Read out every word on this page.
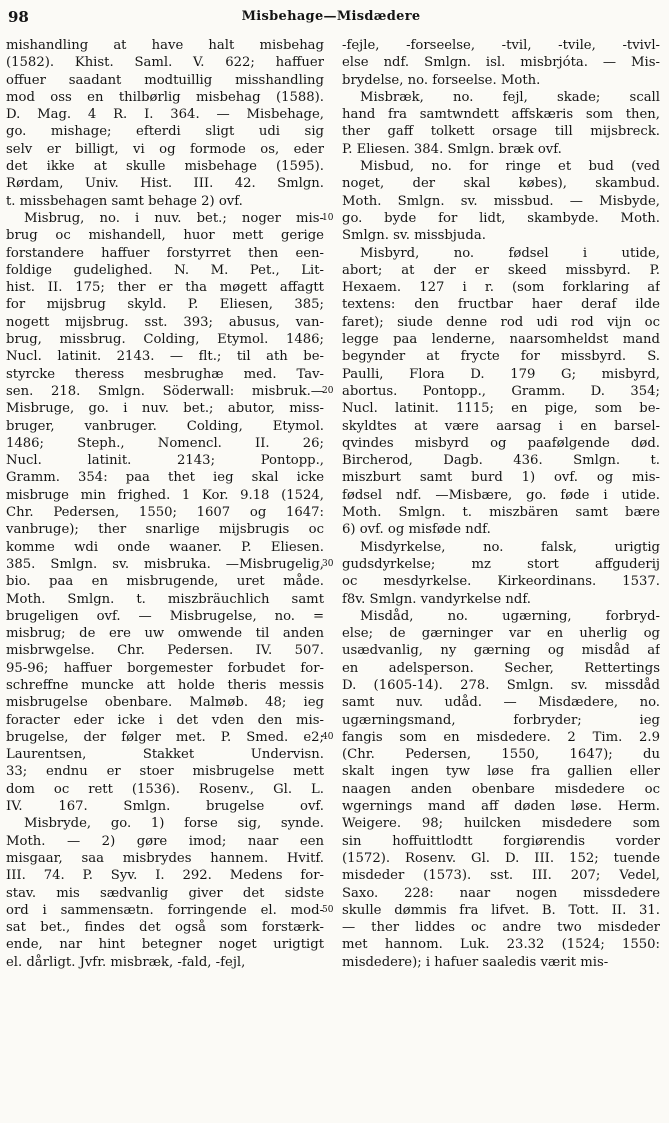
98	Misbehage—Misdædere
mishandling at have halt misbehag
(1582). Khist. Saml. V. 622; haffuer
offuer saadant modtuillig misshandling
mod oss en thilbørlig misbehag (1588).
D. Mag. 4 R. I. 364. — Misbehage,
go. mishage; efterdi sligt udi sig
selv er billigt, vi og formode os, eder
det ikke at skulle misbehage (1595).
Rørdam, Univ. Hist. III. 42. Smlgn.
t. missbehagen samt behage 2) ovf.
Misbrug, no. i nuv. bet.; noger mis-
brug oc mishandell, huor mett gerige
forstandere haffuer forstyrret then een-
foldige gudelighed. N. M. Pet., Lit-
hist. II. 175; ther er tha møgett affagtt
for mijsbrug skyld. P. Eliesen, 385;
nogett mijsbrug. sst. 393; abusus, van-
brug, missbrug. Colding, Etymol. 1486;
Nucl. latinit. 2143. — flt.; til ath be-
styrcke theress mesbrughæ med. Tav-
sen. 218. Smlgn. Söderwall: misbruk.—
Misbruge, go. i nuv. bet.; abutor, miss-
bruger, vanbruger. Colding, Etymol.
1486; Steph., Nomencl. II. 26;
Nucl. latinit. 2143; Pontopp.,
Gramm. 354: paa thet ieg skal icke
misbruge min frighed. 1 Kor. 9.18 (1524,
Chr. Pedersen, 1550; 1607 og 1647:
vanbruge); ther snarlige mijsbrugis oc
komme wdi onde waaner. P. Eliesen.
385. Smlgn. sv. misbruka. —Misbrugelig,
bio. paa en misbrugende, uret måde.
Moth. Smlgn. t. miszbräuchlich samt
brugeligen ovf. — Misbrugelse, no. =
misbrug; de ere uw omwende til anden
misbrwgelse. Chr. Pedersen. IV. 507.
95-96; haffuer borgemester forbudet for-
schreffne muncke att holde theris messis
misbrugelse obenbare. Malmøb. 48; ieg
foracter eder icke i det vden den mis-
brugelse, der følger met. P. Smed. e2;
Laurentsen, Stakket Undervisn.
33; endnu er stoer misbrugelse mett
dom oc rett (1536). Rosenv., Gl. L.
IV. 167. Smlgn. brugelse ovf.
Misbryde, go. 1) forse sig, synde.
Moth. — 2) gøre imod; naar een
misgaar, saa misbrydes hannem. Hvitf.
III. 74. P. Syv. I. 292. Medens for-
stav. mis sædvanlig giver det sidste
ord i sammensætn. forringende el. mod-
sat bet., findes det også som forstærk-
ende, nar hint betegner noget urigtigt
el. dårligt. Jvfr. misbræk, -fald, -fejl,
10
20
30
40
50
-fejle, -forseelse, -tvil, -tvile, -tvivl-
else ndf. Smlgn. isl. misbrjóta. — Mis-
brydelse, no. forseelse. Moth.
Misbræk, no. fejl, skade; scall
hand fra samtwndett affskæris som then,
ther gaff tolkett orsage till mijsbreck.
P. Eliesen. 384. Smlgn. bræk ovf.
Misbud, no. for ringe et bud (ved
noget, der skal købes), skambud.
Moth. Smlgn. sv. missbud. — Misbyde,
go. byde for lidt, skambyde. Moth.
Smlgn. sv. missbjuda.
Misbyrd, no. fødsel i utide,
abort; at der er skeed missbyrd. P.
Hexaem. 127 i r. (som forklaring af
textens: den fructbar haer deraf ilde
faret); siude denne rod udi rod vijn oc
legge paa lenderne, naarsomheldst mand
begynder at frycte for missbyrd. S.
Paulli, Flora D. 179 G; misbyrd,
abortus. Pontopp., Gramm. D. 354;
Nucl. latinit. 1115; en pige, som be-
skyldtes at være aarsag i en barsel-
qvindes misbyrd og paafølgende død.
Bircherod, Dagb. 436. Smlgn. t.
miszburt samt burd 1) ovf. og mis-
fødsel ndf. —Misbære, go. føde i utide.
Moth. Smlgn. t. miszbären samt bære
6) ovf. og misføde ndf.
Misdyrkelse, no. falsk, urigtig
gudsdyrkelse; mz stort affguderij
oc mesdyrkelse. Kirkeordinans. 1537.
f8v. Smlgn. vandyrkelse ndf.
Misdåd, no. ugærning, forbryd-
else; de gærninger var en uherlig og
usædvanlig, ny gærning og misdåd af
en adelsperson. Secher, Rettertings
D. (1605-14). 278. Smlgn. sv. missdåd
samt nuv. udåd. — Misdædere, no.
ugærningsmand, forbryder; ieg
fangis som en misdedere. 2 Tim. 2.9
(Chr. Pedersen, 1550, 1647); du
skalt ingen tyw løse fra gallien eller
naagen anden obenbare misdedere oc
wgernings mand aff døden løse. Herm.
Weigere. 98; huilcken misdedere som
sin hoffuittlodtt forgiørendis vorder
(1572). Rosenv. Gl. D. III. 152; tuende
misdeder (1573). sst. III. 207; Vedel,
Saxo. 228: naar nogen missdedere
skulle dømmis fra lifvet. B. Tott. II. 31.
— ther liddes oc andre two misdeder
met hannom. Luk. 23.32 (1524; 1550:
misdedere); i hafuer saaledis værit mis-
